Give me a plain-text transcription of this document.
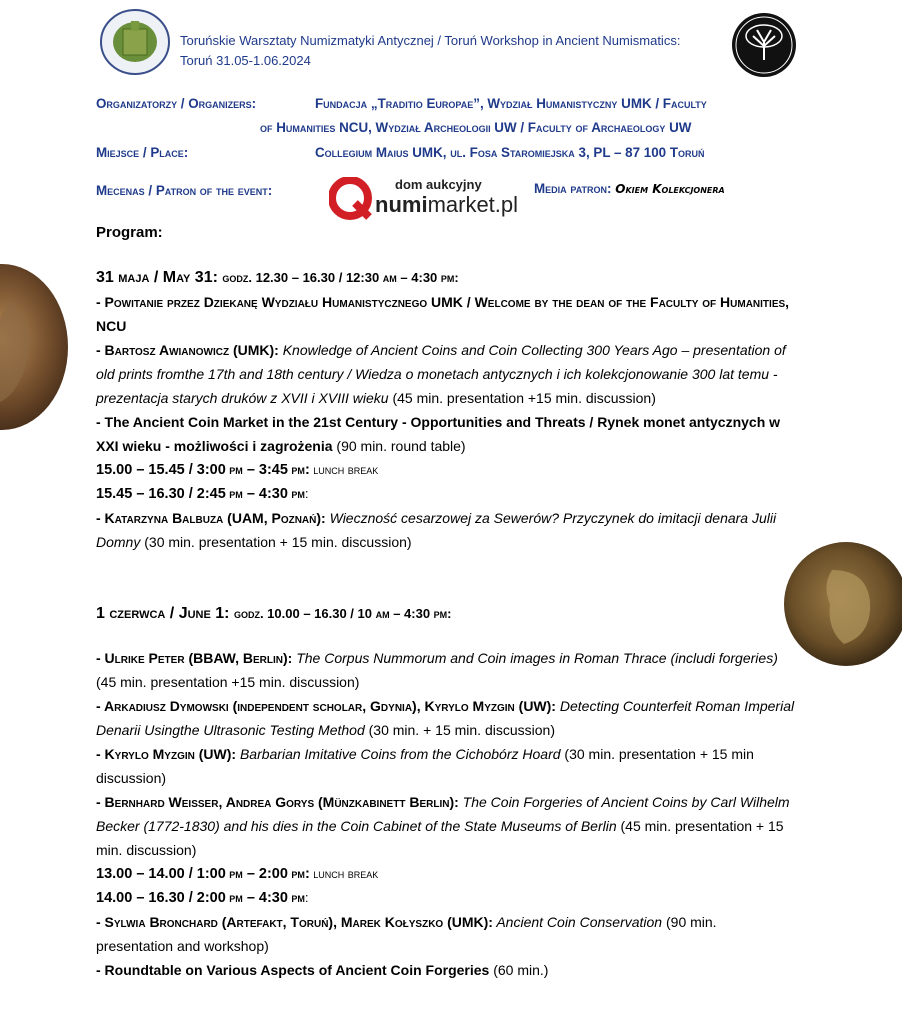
Toruńskie Warsztaty Numizmatyki Antycznej / Toruń Workshop in Ancient Numismatics:
Toruń 31.05-1.06.2024
Organizatorzy / Organizers:	Fundacja „Traditio Europae”, Wydział Humanistyczny UMK / Faculty
of Humanities NCU, Wydział Archeologii UW / Faculty of Archaeology UW
Miejsce / Place:	Collegium Maius UMK, ul. Fosa Staromiejska 3, PL – 87 100 Toruń
Mecenas / Patron of the event:	dom aukcyjny
numimarket.pl
Media patron: Okiem Kolekcjonera
Program:

31 maja / May 31: godz. 12.30 – 16.30 / 12:30 am – 4:30 pm:

- Powitanie przez Dziekanę Wydziału Humanistycznego UMK / Welcome by the dean of the Faculty of Humanities, NCU

- Bartosz Awianowicz (UMK): Knowledge of Ancient Coins and Coin Collecting 300 Years Ago – presentation of old prints fromthe 17th and 18th century / Wiedza o monetach antycznych i ich kolekcjonowanie 300 lat temu - prezentacja starych druków z XVII i XVIII wieku (45 min. presentation +15 min. discussion)

- The Ancient Coin Market in the 21st Century - Opportunities and Threats / Rynek monet antycznych w XXI wieku - możliwości i zagrożenia (90 min. round table)

15.00 – 15.45 / 3:00 pm – 3:45 pm: lunch break

15.45 – 16.30 / 2:45 pm – 4:30 pm:

- Katarzyna Balbuza (UAM, Poznań): Wieczność cesarzowej za Sewerów? Przyczynek do imitacji denara Julii Domny (30 min. presentation + 15 min. discussion)

1 czerwca / June 1: godz. 10.00 – 16.30 / 10 am – 4:30 pm:

- Ulrike Peter (BBAW, Berlin): The Corpus Nummorum and Coin images in Roman Thrace (includi forgeries) (45 min. presentation +15 min. discussion)

- Arkadiusz Dymowski (independent scholar, Gdynia), Kyrylo Myzgin (UW): Detecting Counterfeit Roman Imperial Denarii Usingthe Ultrasonic Testing Method (30 min. + 15 min. discussion)

- Kyrylo Myzgin (UW): Barbarian Imitative Coins from the Cichobórz Hoard (30 min. presentation + 15 min discussion)

- Bernhard Weisser, Andrea Gorys (Münzkabinett Berlin): The Coin Forgeries of Ancient Coins by Carl Wilhelm Becker (1772-1830) and his dies in the Coin Cabinet of the State Museums of Berlin (45 min. presentation + 15 min. discussion)

13.00 – 14.00 / 1:00 pm – 2:00 pm: lunch break

14.00 – 16.30 / 2:00 pm – 4:30 pm:

- Sylwia Bronchard (Artefakt, Toruń), Marek Kołyszko (UMK): Ancient Coin Conservation (90 min. presentation and workshop)

- Roundtable on Various Aspects of Ancient Coin Forgeries (60 min.)
